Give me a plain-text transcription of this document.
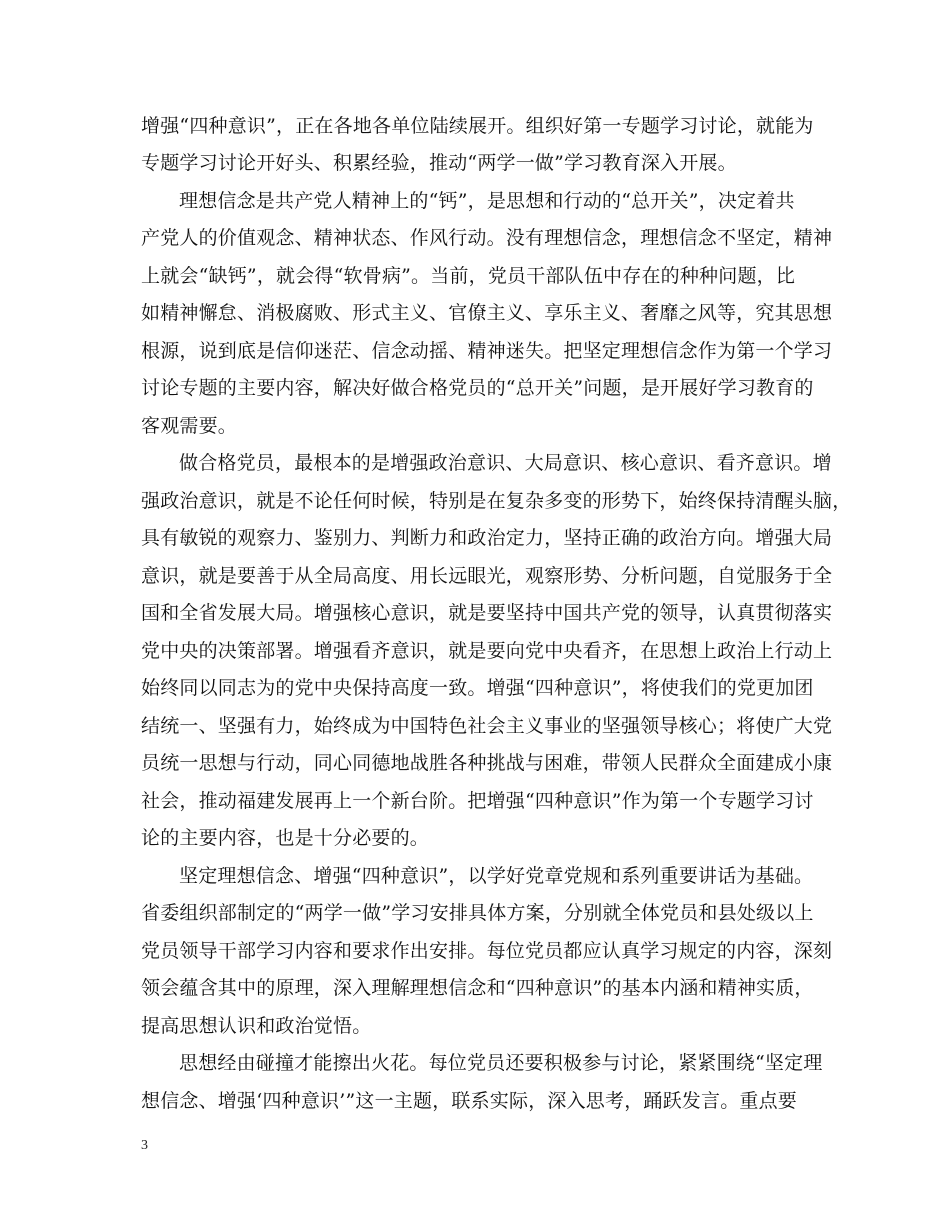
增强“四种意识”，正在各地各单位陆续展开。组织好第一专题学习讨论，就能为
专题学习讨论开好头、积累经验，推动“两学一做”学习教育深入开展。
理想信念是共产党人精神上的“钙”，是思想和行动的“总开关”，决定着共
产党人的价值观念、精神状态、作风行动。没有理想信念，理想信念不坚定，精神
上就会“缺钙”，就会得“软骨病”。当前，党员干部队伍中存在的种种问题，比
如精神懈怠、消极腐败、形式主义、官僚主义、享乐主义、奢靡之风等，究其思想
根源，说到底是信仰迷茫、信念动摇、精神迷失。把坚定理想信念作为第一个学习
讨论专题的主要内容，解决好做合格党员的“总开关”问题，是开展好学习教育的
客观需要。
做合格党员，最根本的是增强政治意识、大局意识、核心意识、看齐意识。增
强政治意识，就是不论任何时候，特别是在复杂多变的形势下，始终保持清醒头脑，
具有敏锐的观察力、鉴别力、判断力和政治定力，坚持正确的政治方向。增强大局
意识，就是要善于从全局高度、用长远眼光，观察形势、分析问题，自觉服务于全
国和全省发展大局。增强核心意识，就是要坚持中国共产党的领导，认真贯彻落实
党中央的决策部署。增强看齐意识，就是要向党中央看齐，在思想上政治上行动上
始终同以同志为的党中央保持高度一致。增强“四种意识”，将使我们的党更加团
结统一、坚强有力，始终成为中国特色社会主义事业的坚强领导核心；将使广大党
员统一思想与行动，同心同德地战胜各种挑战与困难，带领人民群众全面建成小康
社会，推动福建发展再上一个新台阶。把增强“四种意识”作为第一个专题学习讨
论的主要内容，也是十分必要的。
坚定理想信念、增强“四种意识”，以学好党章党规和系列重要讲话为基础。
省委组织部制定的“两学一做”学习安排具体方案，分别就全体党员和县处级以上
党员领导干部学习内容和要求作出安排。每位党员都应认真学习规定的内容，深刻
领会蕴含其中的原理，深入理解理想信念和“四种意识”的基本内涵和精神实质，
提高思想认识和政治觉悟。
思想经由碰撞才能擦出火花。每位党员还要积极参与讨论，紧紧围绕“坚定理
想信念、增强‘四种意识’”这一主题，联系实际，深入思考，踊跃发言。重点要
3
